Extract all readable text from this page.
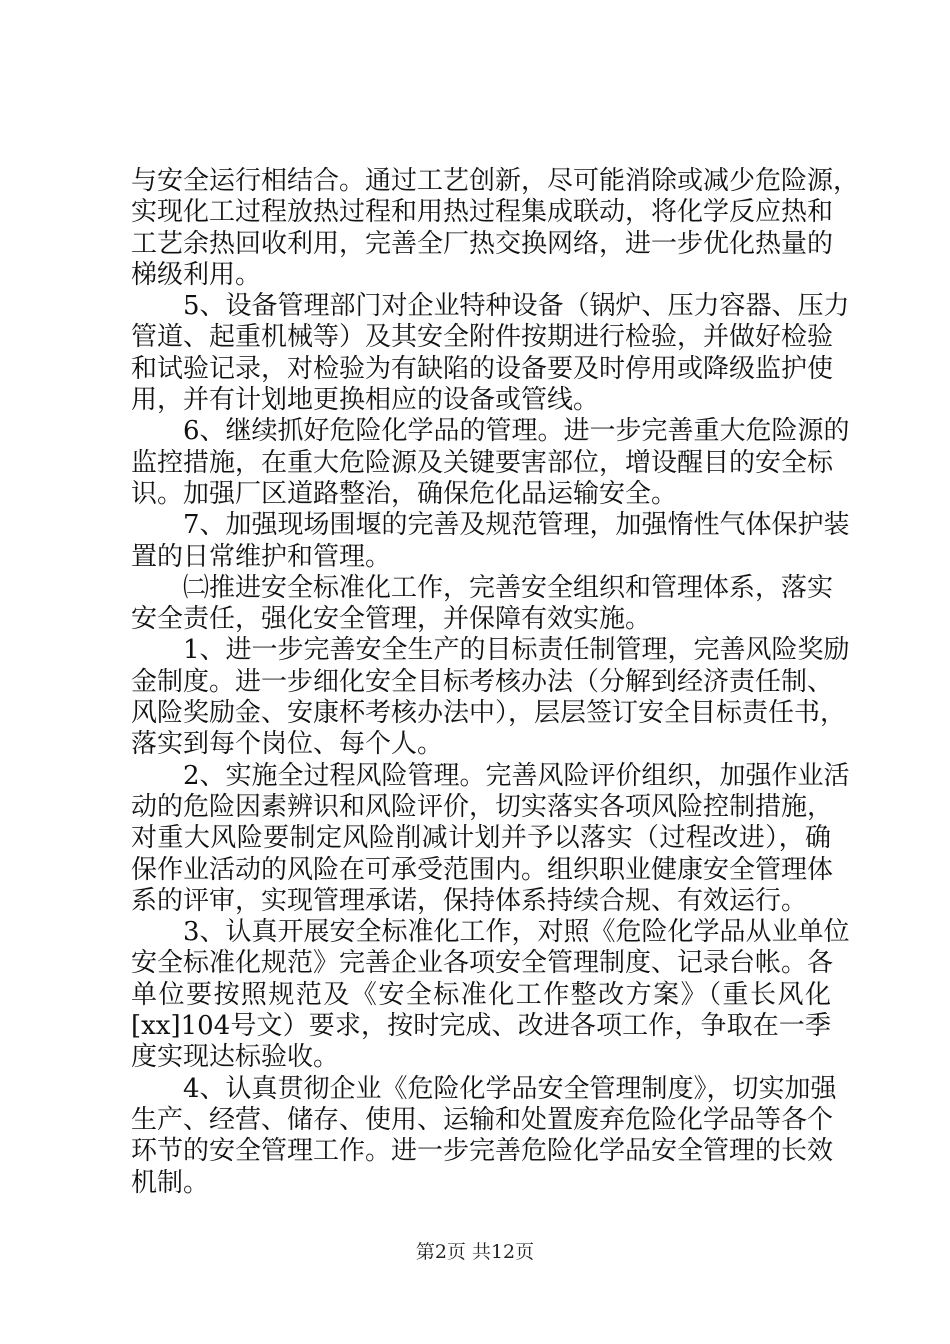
与安全运行相结合。通过工艺创新，尽可能消除或减少危险源，
实现化工过程放热过程和用热过程集成联动，将化学反应热和
工艺余热回收利用，完善全厂热交换网络，进一步优化热量的
梯级利用。
5、设备管理部门对企业特种设备（锅炉、压力容器、压力
管道、起重机械等）及其安全附件按期进行检验，并做好检验
和试验记录，对检验为有缺陷的设备要及时停用或降级监护使
用，并有计划地更换相应的设备或管线。
6、继续抓好危险化学品的管理。进一步完善重大危险源的
监控措施，在重大危险源及关键要害部位，增设醒目的安全标
识。加强厂区道路整治，确保危化品运输安全。
7、加强现场围堰的完善及规范管理，加强惰性气体保护装
置的日常维护和管理。
㈡推进安全标准化工作，完善安全组织和管理体系，落实
安全责任，强化安全管理，并保障有效实施。
1、进一步完善安全生产的目标责任制管理，完善风险奖励
金制度。进一步细化安全目标考核办法（分解到经济责任制、
风险奖励金、安康杯考核办法中），层层签订安全目标责任书，
落实到每个岗位、每个人。
2、实施全过程风险管理。完善风险评价组织，加强作业活
动的危险因素辨识和风险评价，切实落实各项风险控制措施，
对重大风险要制定风险削减计划并予以落实（过程改进），确
保作业活动的风险在可承受范围内。组织职业健康安全管理体
系的评审，实现管理承诺，保持体系持续合规、有效运行。
3、认真开展安全标准化工作，对照《危险化学品从业单位
安全标准化规范》完善企业各项安全管理制度、记录台帐。各
单位要按照规范及《安全标准化工作整改方案》（重长风化
[xx]104号文）要求，按时完成、改进各项工作，争取在一季
度实现达标验收。
4、认真贯彻企业《危险化学品安全管理制度》，切实加强
生产、经营、储存、使用、运输和处置废弃危险化学品等各个
环节的安全管理工作。进一步完善危险化学品安全管理的长效
机制。
第2页 共12页
